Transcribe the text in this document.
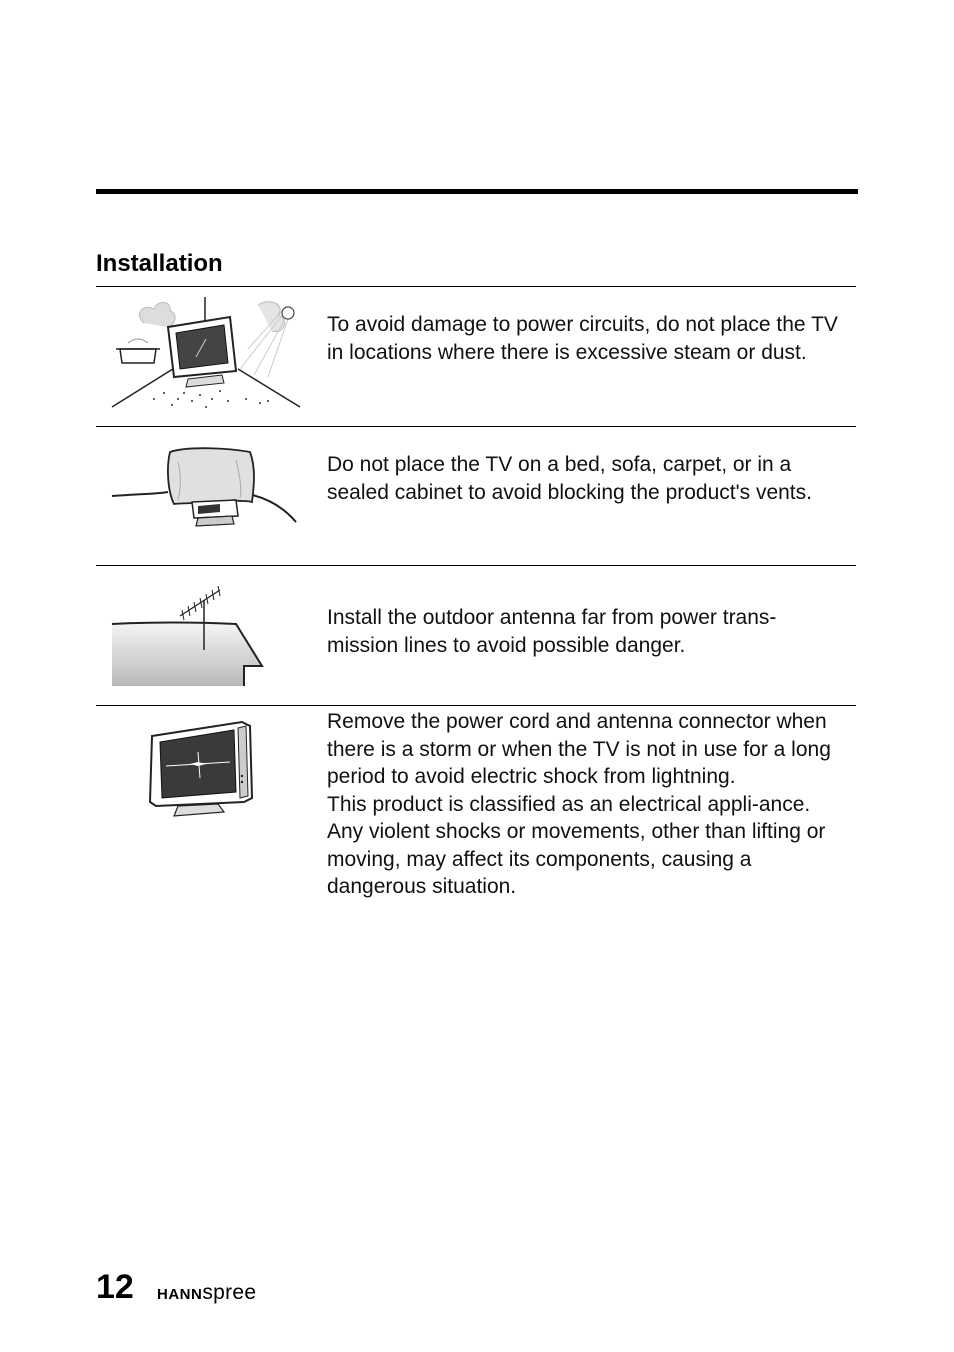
Installation

To avoid damage to power circuits, do not place the TV in locations where there is excessive steam or dust.

Do not place the TV on a bed, sofa, carpet, or in a sealed cabinet to avoid blocking the product's vents.

Install the outdoor antenna far from power trans-mission lines to avoid possible danger.

Remove the power cord and antenna connector when there is a storm or when the TV is not in use for a long period to avoid electric shock from lightning.

This product is classified as an electrical appli-ance. Any violent shocks or movements, other than lifting or moving, may affect its components, causing a dangerous situation.

12 HANNspree
